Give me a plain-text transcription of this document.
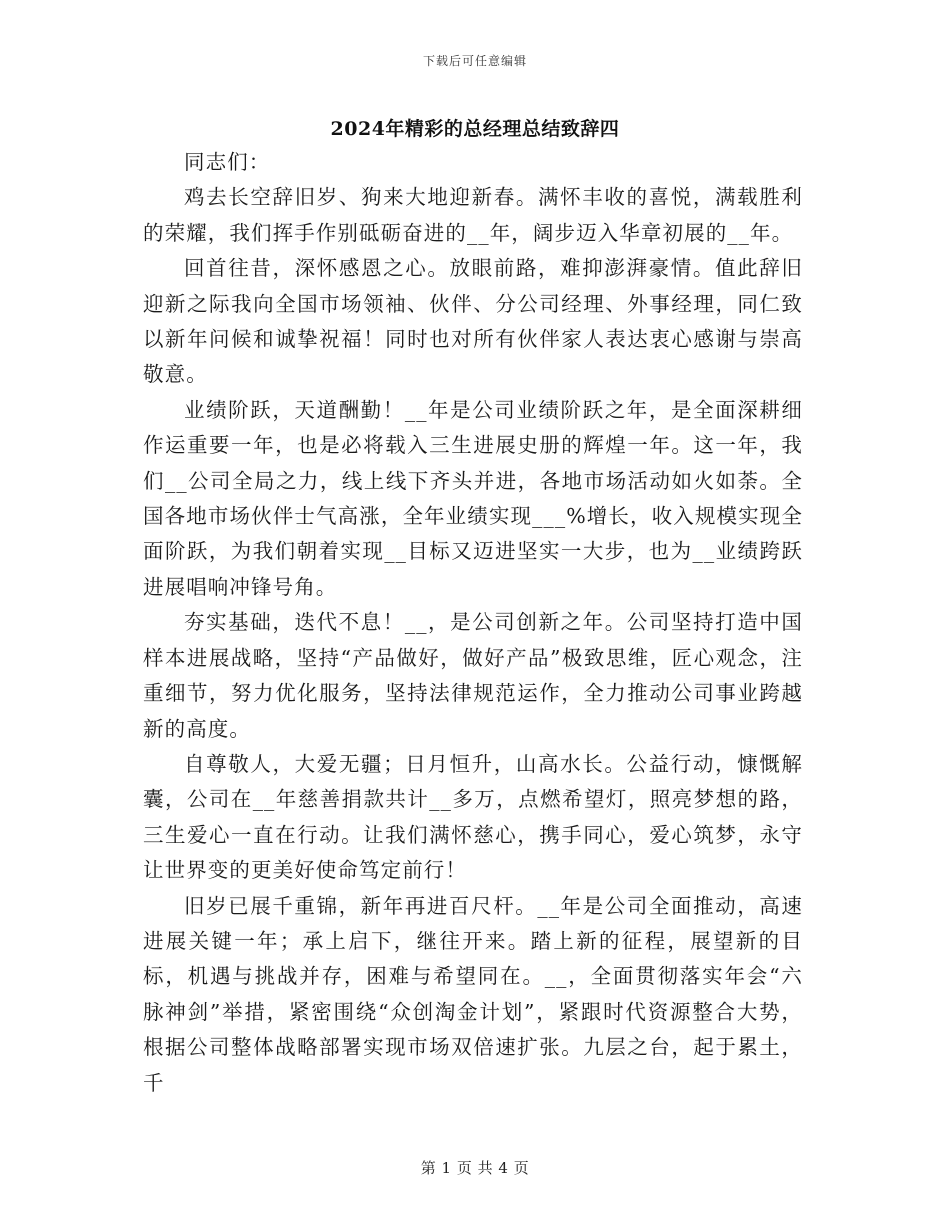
下载后可任意编辑
2024年精彩的总经理总结致辞四

同志们：

鸡去长空辞旧岁、狗来大地迎新春。满怀丰收的喜悦，满载胜利的荣耀，我们挥手作别砥砺奋进的__年，阔步迈入华章初展的__年。

回首往昔，深怀感恩之心。放眼前路，难抑澎湃豪情。值此辞旧迎新之际我向全国市场领袖、伙伴、分公司经理、外事经理，同仁致以新年问候和诚挚祝福！同时也对所有伙伴家人表达衷心感谢与崇高敬意。

业绩阶跃，天道酬勤！__年是公司业绩阶跃之年，是全面深耕细作运重要一年，也是必将载入三生进展史册的辉煌一年。这一年，我们__公司全局之力，线上线下齐头并进，各地市场活动如火如荼。全国各地市场伙伴士气高涨，全年业绩实现___%增长，收入规模实现全面阶跃，为我们朝着实现__目标又迈进坚实一大步，也为__业绩跨跃进展唱响冲锋号角。

夯实基础，迭代不息！__，是公司创新之年。公司坚持打造中国样本进展战略，坚持“产品做好，做好产品”极致思维，匠心观念，注重细节，努力优化服务，坚持法律规范运作，全力推动公司事业跨越新的高度。

自尊敬人，大爱无疆；日月恒升，山高水长。公益行动，慷慨解囊，公司在__年慈善捐款共计__多万，点燃希望灯，照亮梦想的路，三生爱心一直在行动。让我们满怀慈心，携手同心，爱心筑梦，永守让世界变的更美好使命笃定前行！

旧岁已展千重锦，新年再进百尺杆。__年是公司全面推动，高速进展关键一年；承上启下，继往开来。踏上新的征程，展望新的目标，机遇与挑战并存，困难与希望同在。__，全面贯彻落实年会“六脉神剑”举措，紧密围绕“众创淘金计划”，紧跟时代资源整合大势，根据公司整体战略部署实现市场双倍速扩张。九层之台，起于累土，千

第 1 页 共 4 页
